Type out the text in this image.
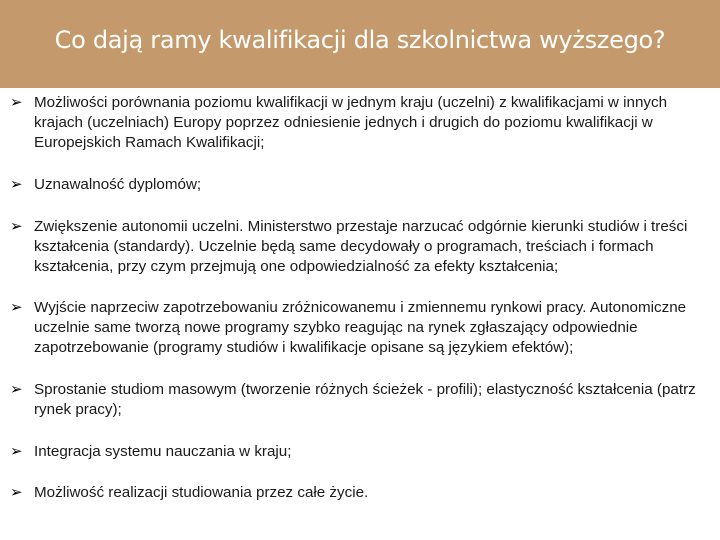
Co dają ramy kwalifikacji dla szkolnictwa wyższego?
➢ Możliwości porównania poziomu kwalifikacji w jednym kraju (uczelni) z kwalifikacjami w innych krajach (uczelniach) Europy poprzez odniesienie jednych i drugich do poziomu kwalifikacji w Europejskich Ramach Kwalifikacji;
➢ Uznawalność dyplomów;
➢ Zwiększenie autonomii uczelni. Ministerstwo przestaje narzucać odgórnie kierunki studiów i treści kształcenia (standardy). Uczelnie będą same decydowały o programach, treściach i formach kształcenia, przy czym przejmują one odpowiedzialność za efekty kształcenia;
➢ Wyjście naprzeciw zapotrzebowaniu zróżnicowanemu i zmiennemu rynkowi pracy. Autonomiczne uczelnie same tworzą nowe programy szybko reagując na rynek zgłaszający odpowiednie zapotrzebowanie (programy studiów i kwalifikacje opisane są językiem efektów);
➢ Sprostanie studiom masowym (tworzenie różnych ścieżek - profili); elastyczność kształcenia (patrz rynek pracy);
➢ Integracja systemu nauczania w kraju;
➢ Możliwość realizacji studiowania przez całe życie.
